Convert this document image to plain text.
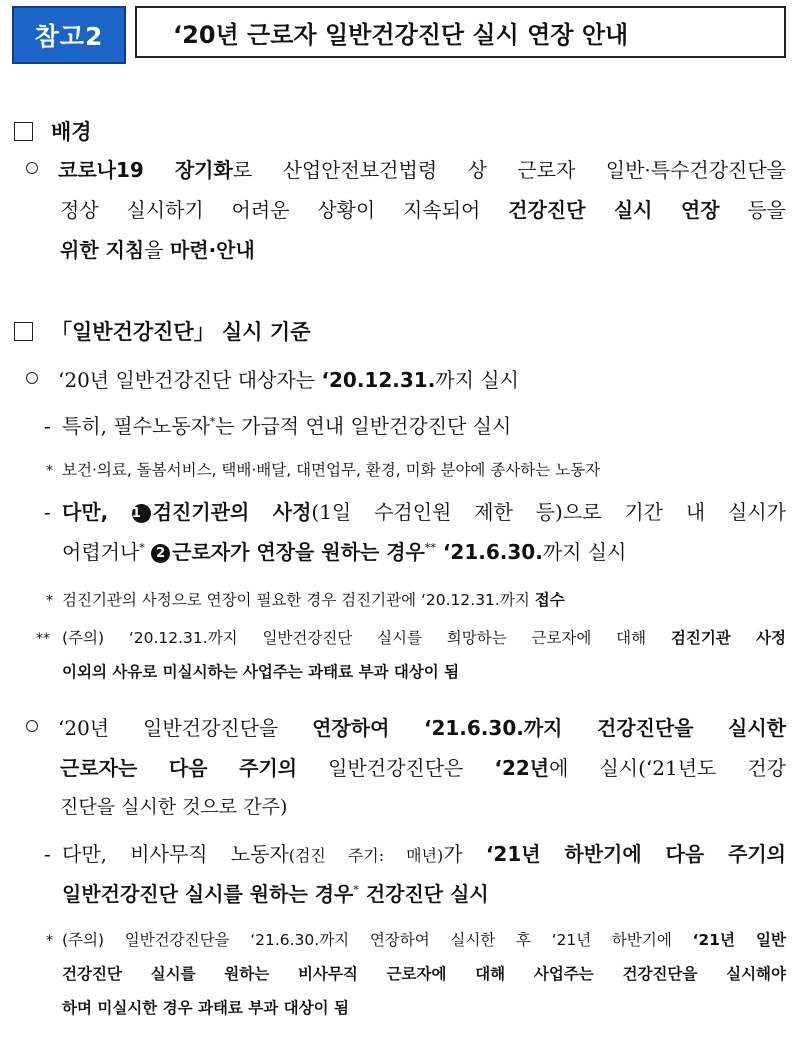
참고2	‘20년 근로자 일반건강진단 실시 연장 안내
배경
코로나19 장기화로 산업안전보건법령 상 근로자 일반·특수건강진단을
정상 실시하기 어려운 상황이 지속되어 건강진단 실시 연장 등을
위한 지침을 마련·안내
「일반건강진단」 실시 기준
‘20년 일반건강진단 대상자는 ‘20.12.31.까지 실시
- 특히, 필수노동자*는 가급적 연내 일반건강진단 실시
* 보건·의료, 돌봄서비스, 택배·배달, 대면업무, 환경, 미화 분야에 종사하는 노동자
- 다만, 1 검진기관의 사정(1일 수검인원 제한 등)으로 기간 내 실시가
어렵거나* 2 근로자가 연장을 원하는 경우** ‘21.6.30.까지 실시
* 검진기관의 사정으로 연장이 필요한 경우 검진기관에 ‘20.12.31.까지 접수
** (주의) ‘20.12.31.까지 일반건강진단 실시를 희망하는 근로자에 대해 검진기관 사정
이외의 사유로 미실시하는 사업주는 과태료 부과 대상이 됨
‘20년 일반건강진단을 연장하여 ‘21.6.30.까지 건강진단을 실시한
근로자는 다음 주기의 일반건강진단은 ‘22년에 실시(‘21년도 건강
진단을 실시한 것으로 간주)
- 다만, 비사무직 노동자(검진 주기: 매년)가 ‘21년 하반기에 다음 주기의
일반건강진단 실시를 원하는 경우* 건강진단 실시
* (주의) 일반건강진단을 ‘21.6.30.까지 연장하여 실시한 후 ‘21년 하반기에 ‘21년 일반
건강진단 실시를 원하는 비사무직 근로자에 대해 사업주는 건강진단을 실시해야
하며 미실시한 경우 과태료 부과 대상이 됨
